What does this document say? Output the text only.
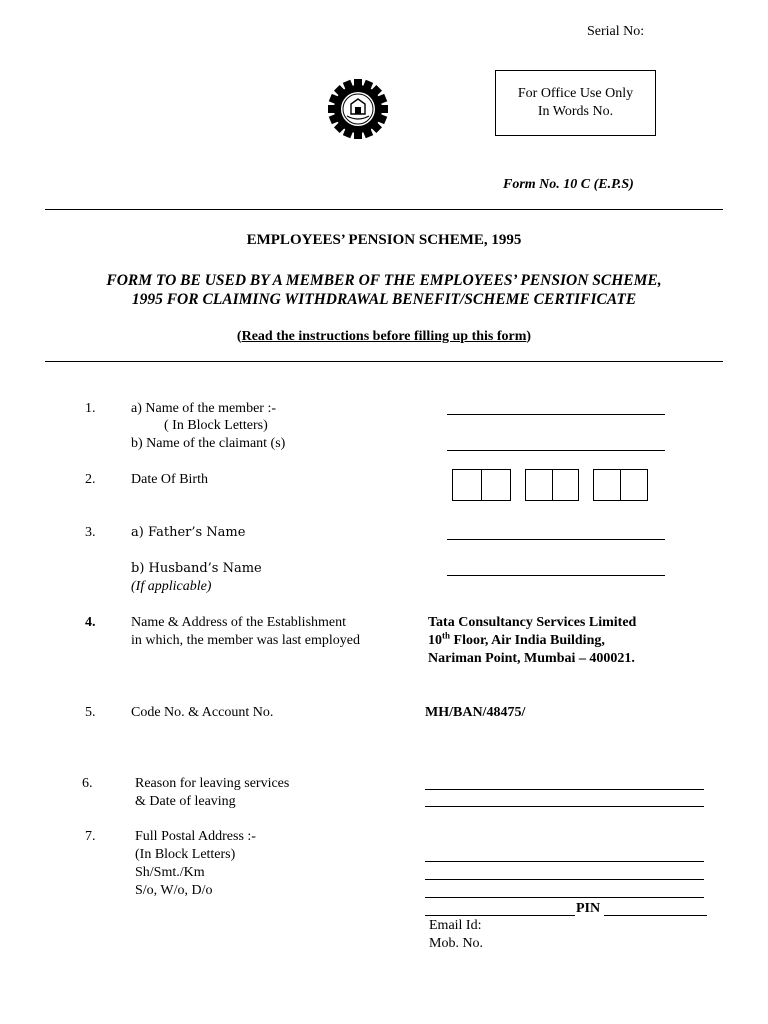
Serial No:
For Office Use Only
In Words No.
Form No. 10 C (E.P.S)
EMPLOYEES’ PENSION SCHEME, 1995
FORM TO BE USED BY A MEMBER OF THE EMPLOYEES’ PENSION SCHEME,
1995 FOR CLAIMING WITHDRAWAL BENEFIT/SCHEME CERTIFICATE
(Read the instructions before filling up this form)
1.	a) Name of the member :-
( In Block Letters)
b) Name of the claimant (s)
2.	Date Of Birth
3.	a) Father’s Name
b) Husband’s Name
(If applicable)
4.	Name & Address of the Establishment
in which, the member was last employed
Tata Consultancy Services Limited
10th Floor, Air India Building,
Nariman Point, Mumbai – 400021.
5.	Code No. & Account No.	MH/BAN/48475/
6.	Reason for leaving services
& Date of leaving
7.	Full Postal Address :-
(In Block Letters)
Sh/Smt./Km
S/o, W/o, D/o
PIN
Email Id:
Mob. No.
